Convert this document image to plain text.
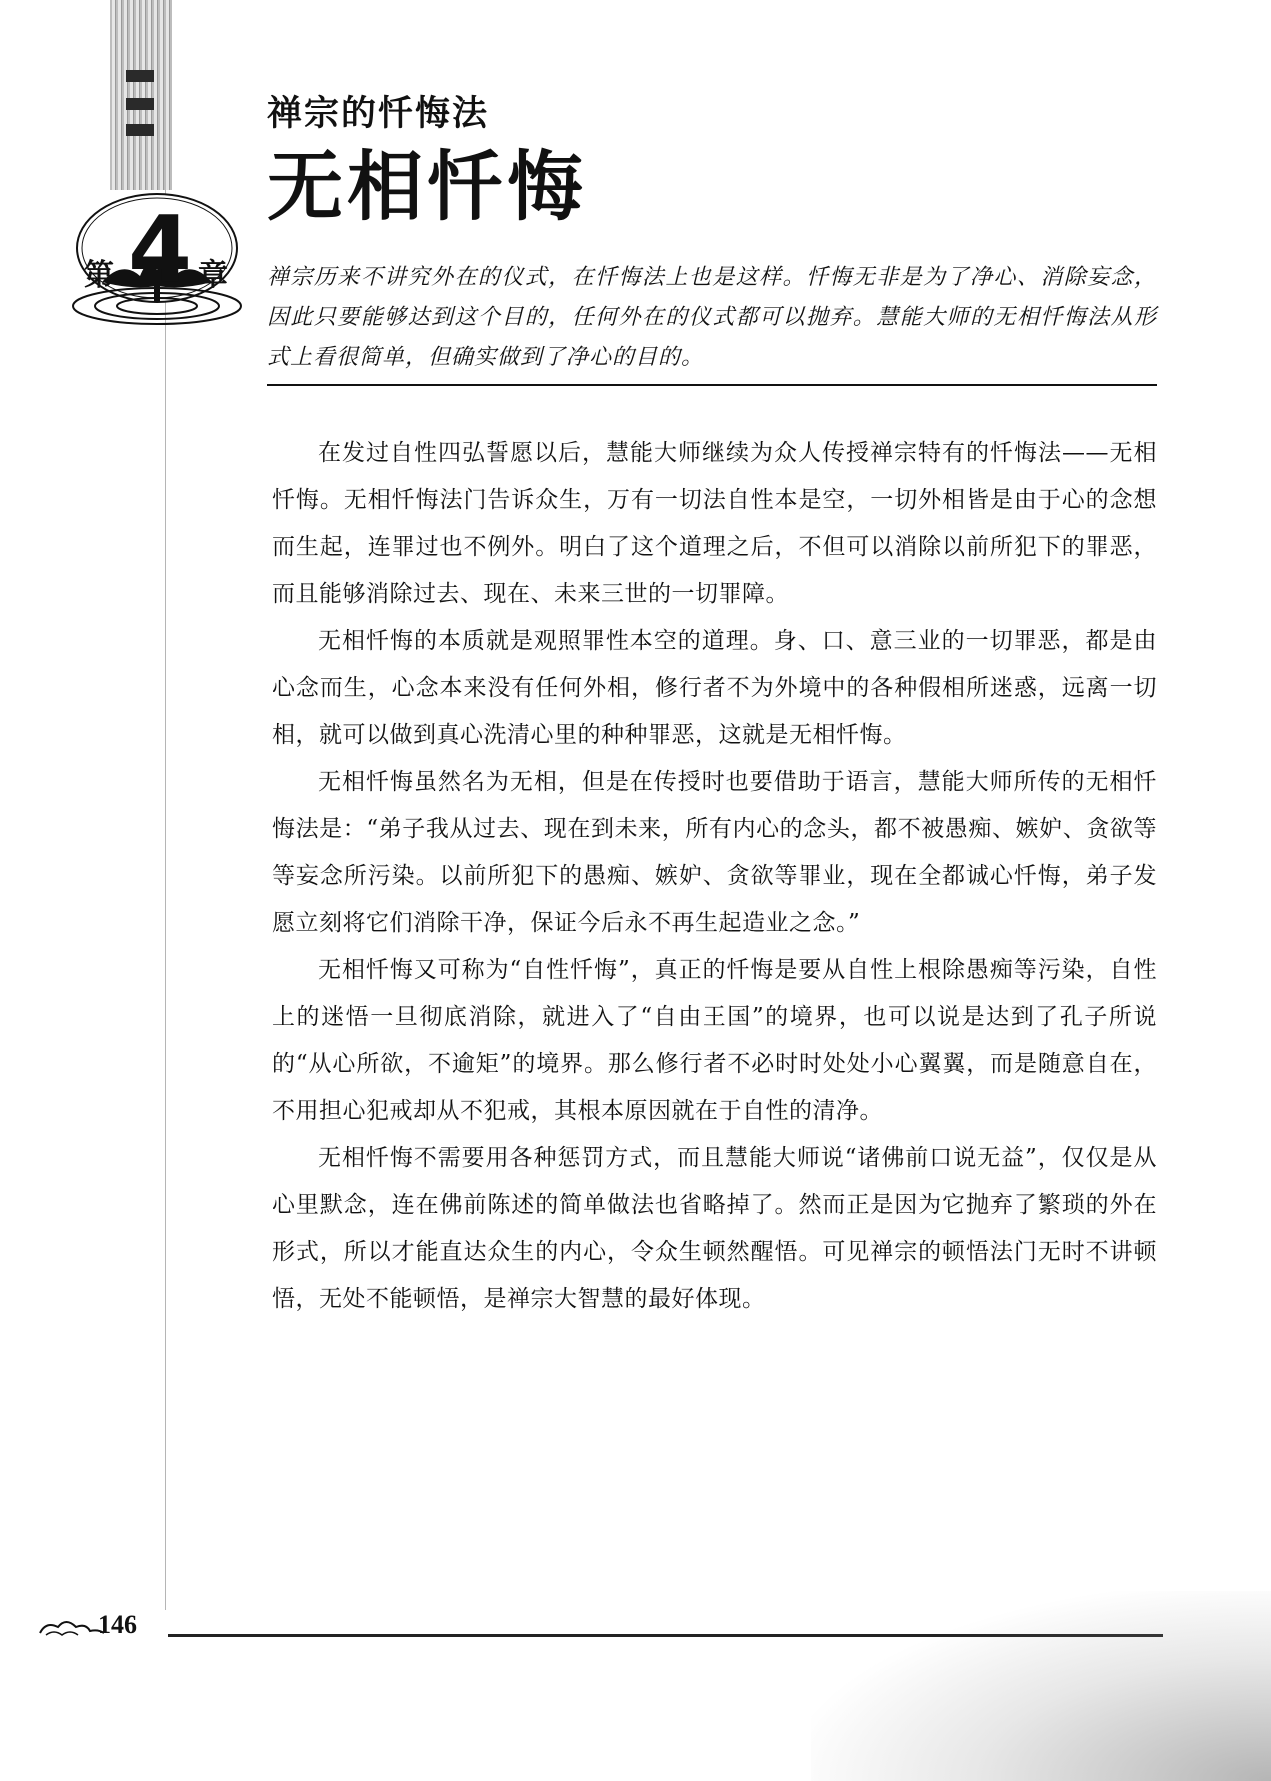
第 4 章
禅宗的忏悔法
无相忏悔

禅宗历来不讲究外在的仪式，在忏悔法上也是这样。忏悔无非是为了净心、消除妄念，因此只要能够达到这个目的，任何外在的仪式都可以抛弃。慧能大师的无相忏悔法从形式上看很简单，但确实做到了净心的目的。

在发过自性四弘誓愿以后，慧能大师继续为众人传授禅宗特有的忏悔法——无相忏悔。无相忏悔法门告诉众生，万有一切法自性本是空，一切外相皆是由于心的念想而生起，连罪过也不例外。明白了这个道理之后，不但可以消除以前所犯下的罪恶，而且能够消除过去、现在、未来三世的一切罪障。

无相忏悔的本质就是观照罪性本空的道理。身、口、意三业的一切罪恶，都是由心念而生，心念本来没有任何外相，修行者不为外境中的各种假相所迷惑，远离一切相，就可以做到真心洗清心里的种种罪恶，这就是无相忏悔。

无相忏悔虽然名为无相，但是在传授时也要借助于语言，慧能大师所传的无相忏悔法是：“弟子我从过去、现在到未来，所有内心的念头，都不被愚痴、嫉妒、贪欲等等妄念所污染。以前所犯下的愚痴、嫉妒、贪欲等罪业，现在全都诚心忏悔，弟子发愿立刻将它们消除干净，保证今后永不再生起造业之念。”

无相忏悔又可称为“自性忏悔”，真正的忏悔是要从自性上根除愚痴等污染，自性上的迷悟一旦彻底消除，就进入了“自由王国”的境界，也可以说是达到了孔子所说的“从心所欲，不逾矩”的境界。那么修行者不必时时处处小心翼翼，而是随意自在，不用担心犯戒却从不犯戒，其根本原因就在于自性的清净。

无相忏悔不需要用各种惩罚方式，而且慧能大师说“诸佛前口说无益”，仅仅是从心里默念，连在佛前陈述的简单做法也省略掉了。然而正是因为它抛弃了繁琐的外在形式，所以才能直达众生的内心，令众生顿然醒悟。可见禅宗的顿悟法门无时不讲顿悟，无处不能顿悟，是禅宗大智慧的最好体现。

146
